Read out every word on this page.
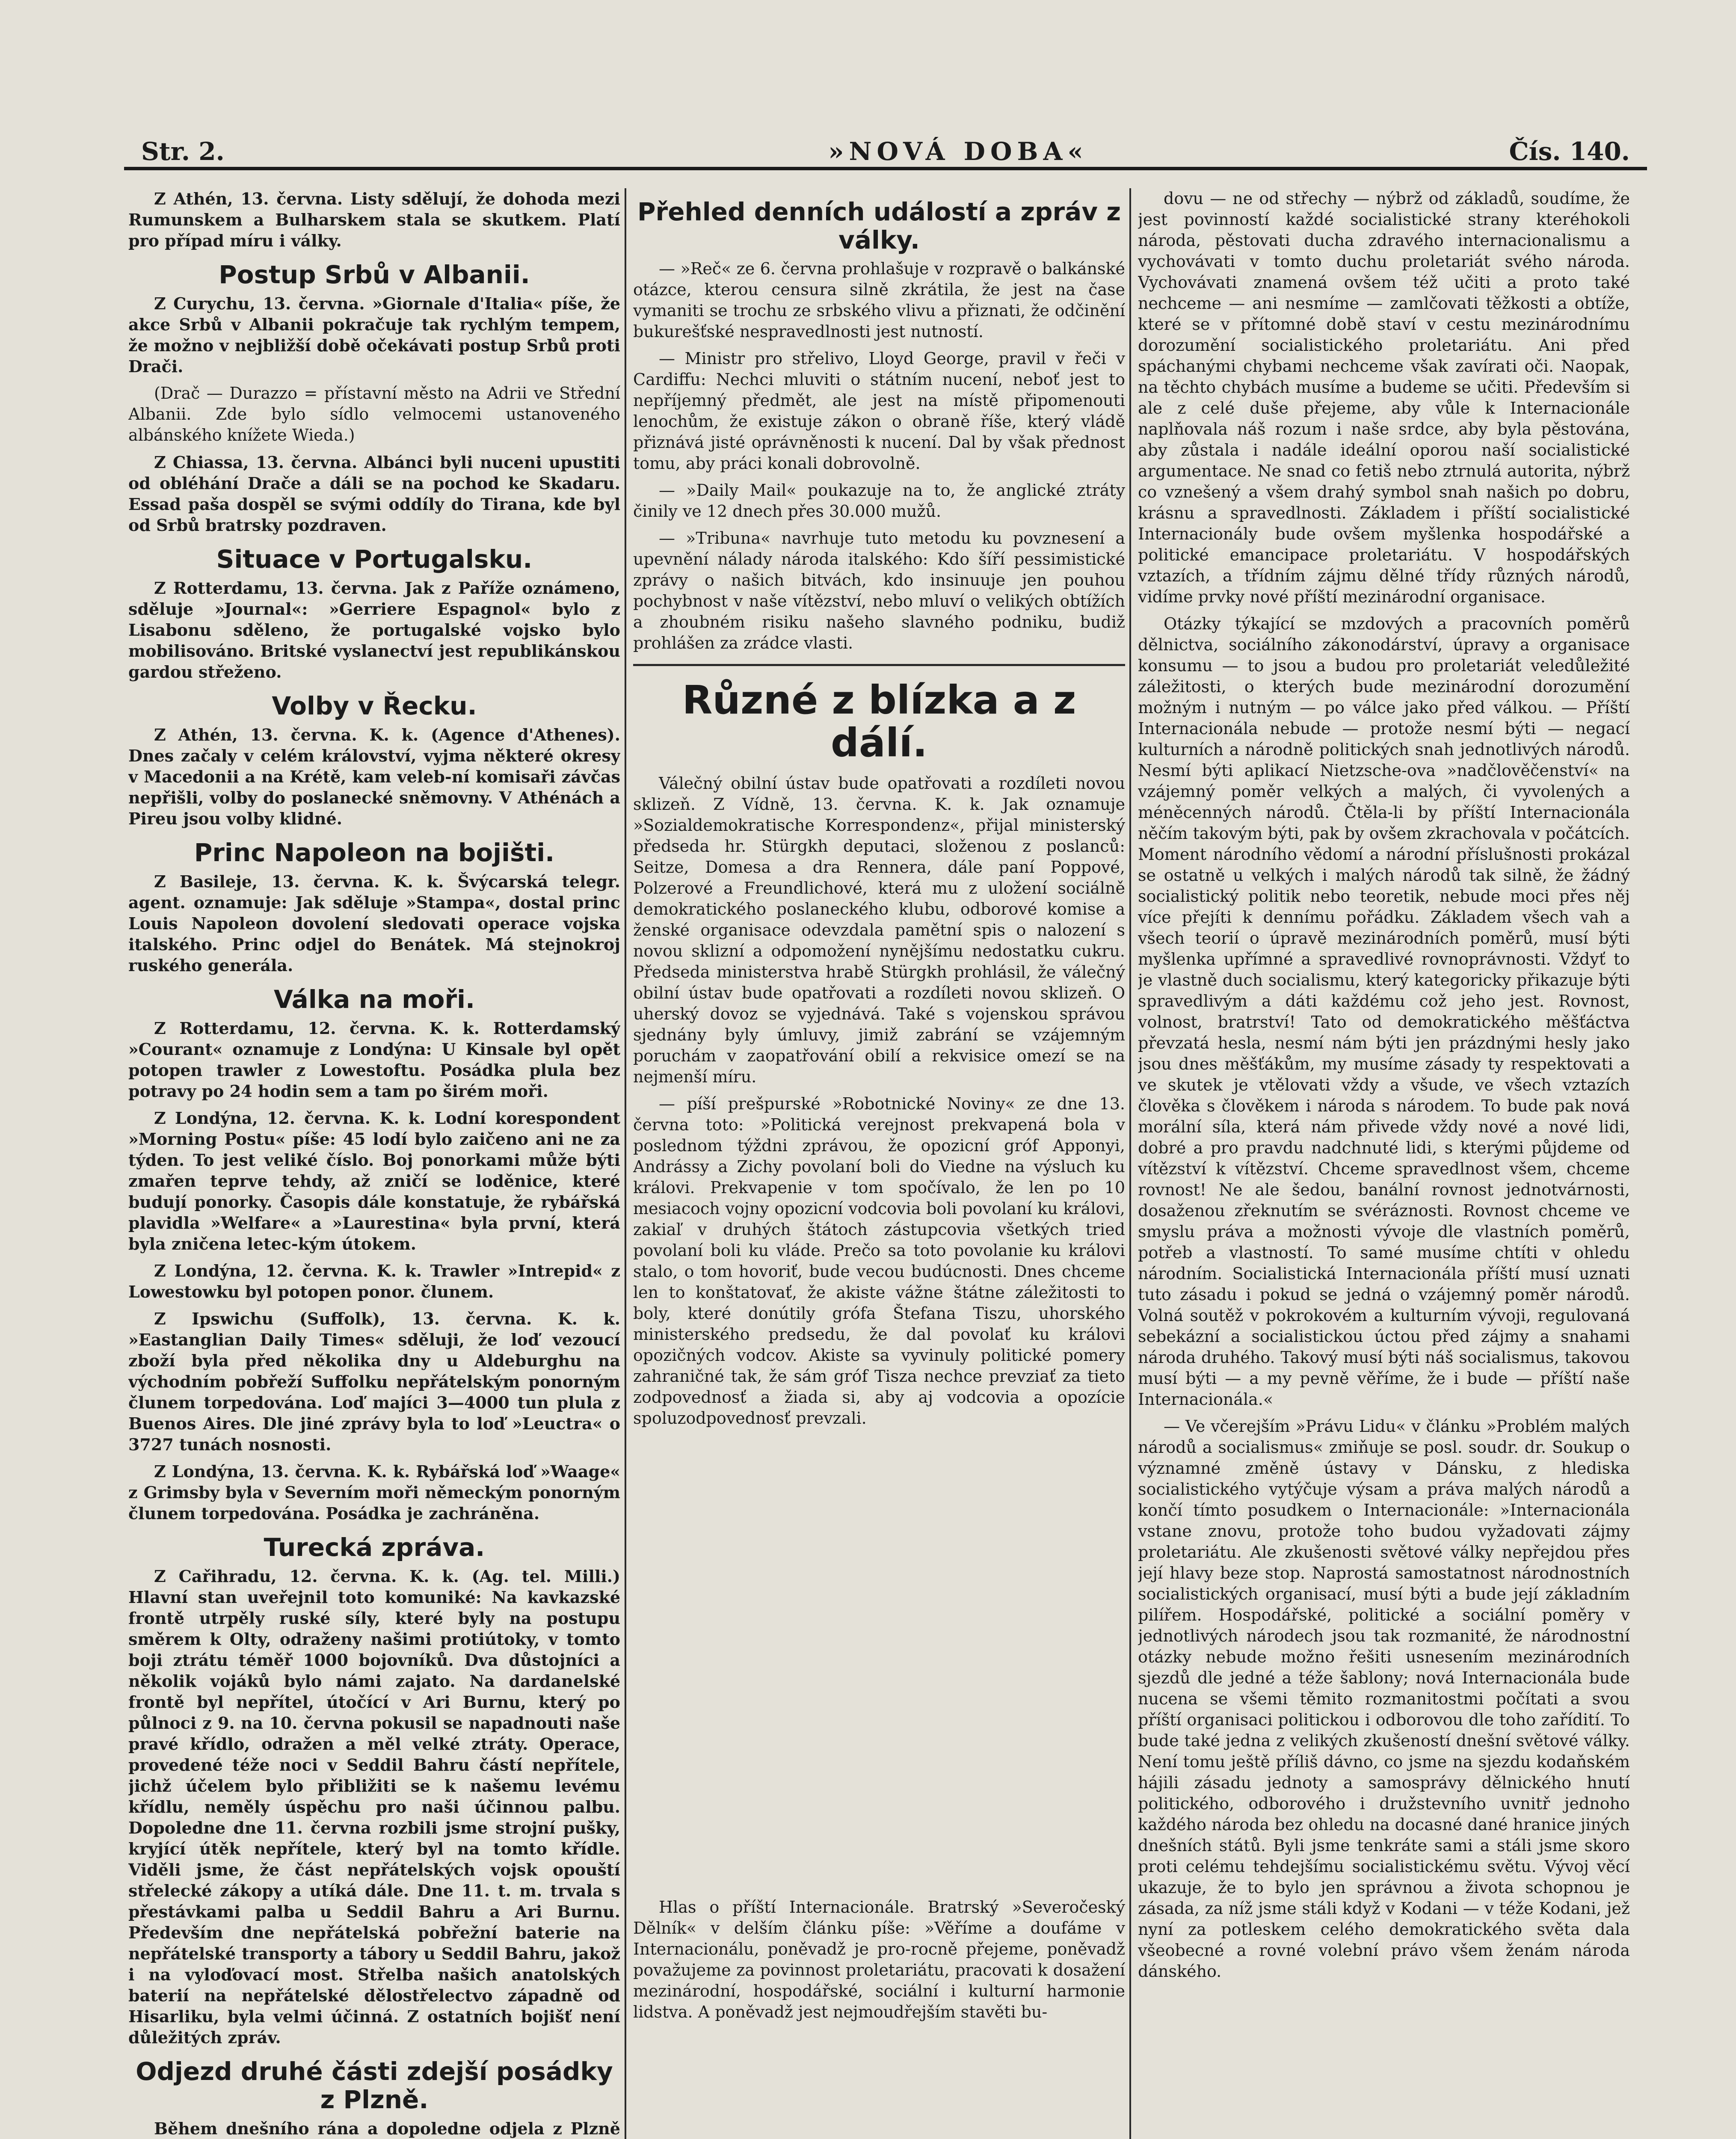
Str. 2.	»NOVÁ DOBA«	Čís. 140.

Z Athén, 13. června. Listy sdělují, že dohoda mezi Rumunskem a Bulharskem stala se skutkem. Platí pro případ míru i války.

Postup Srbů v Albanii.

Z Curychu, 13. června. »Giornale d'Italia« píše, že akce Srbů v Albanii pokračuje tak rychlým tempem, že možno v nejbližší době očekávati postup Srbů proti Drači.

(Drač — Durazzo = přístavní město na Adrii ve Střední Albanii. Zde bylo sídlo velmocemi ustanoveného albánského knížete Wieda.)

Z Chiassa, 13. června. Albánci byli nuceni upustiti od obléhání Drače a dáli se na pochod ke Skadaru. Essad paša dospěl se svými oddíly do Tirana, kde byl od Srbů bratrsky pozdraven.

Situace v Portugalsku.

Z Rotterdamu, 13. června. Jak z Paříže oznámeno, sděluje »Journal«: »Gerriere Espagnol« bylo z Lisabonu sděleno, že portugalské vojsko bylo mobilisováno. Britské vyslanectví jest republikánskou gardou střeženo.

Volby v Řecku.

Z Athén, 13. června. K. k. (Agence d'Athenes). Dnes začaly v celém království, vyjma některé okresy v Macedonii a na Krétě, kam veleb-ní komisaři závčas nepřišli, volby do poslanecké sněmovny. V Athénách a Pireu jsou volby klidné.

Princ Napoleon na bojišti.

Z Basileje, 13. června. K. k. Švýcarská telegr. agent. oznamuje: Jak sděluje »Stampa«, dostal princ Louis Napoleon dovolení sledovati operace vojska italského. Princ odjel do Benátek. Má stejnokroj ruského generála.

Válka na moři.

Z Rotterdamu, 12. června. K. k. Rotterdamský »Courant« oznamuje z Londýna: U Kinsale byl opět potopen trawler z Lowestoftu. Posádka plula bez potravy po 24 hodin sem a tam po širém moři.

Z Londýna, 12. června. K. k. Lodní korespondent »Morning Postu« píše: 45 lodí bylo zaičeno ani ne za týden. To jest veliké číslo. Boj ponorkami může býti zmařen teprve tehdy, až zničí se loděnice, které budují ponorky. Časopis dále konstatuje, že rybářská plavidla »Welfare« a »Laurestina« byla první, která byla zničena letec-kým útokem.

Z Londýna, 12. června. K. k. Trawler »Intrepid« z Lowestowku byl potopen ponor. člunem.

Z Ipswichu (Suffolk), 13. června. K. k. »Eastanglian Daily Times« sděluji, že loď vezoucí zboží byla před několika dny u Aldeburghu na východním pobřeží Suffolku nepřátelským ponorným člunem torpedována. Loď majíci 3—4000 tun plula z Buenos Aires. Dle jiné zprávy byla to loď »Leuctra« o 3727 tunách nosnosti.

Z Londýna, 13. června. K. k. Rybářská loď »Waage« z Grimsby byla v Severním moři německým ponorným člunem torpedována. Posádka je zachráněna.

Turecká zpráva.

Z Cařihradu, 12. června. K. k. (Ag. tel. Milli.) Hlavní stan uveřejnil toto komuniké: Na kavkazské frontě utrpěly ruské síly, které byly na postupu směrem k Olty, odraženy našimi protiútoky, v tomto boji ztrátu téměř 1000 bojovníků. Dva důstojníci a několik vojáků bylo námi zajato. Na dardanelské frontě byl nepřítel, útočící v Ari Burnu, který po půlnoci z 9. na 10. června pokusil se napadnouti naše pravé křídlo, odražen a měl velké ztráty. Operace, provedené téže noci v Seddil Bahru částí nepřítele, jichž účelem bylo přibližiti se k našemu levému křídlu, neměly úspěchu pro naši účinnou palbu. Dopoledne dne 11. června rozbili jsme strojní pušky, kryjící útěk nepřítele, který byl na tomto křídle. Viděli jsme, že část nepřátelských vojsk opouští střelecké zákopy a utíká dále. Dne 11. t. m. trvala s přestávkami palba u Seddil Bahru a Ari Burnu. Především dne nepřátelská pobřežní baterie na nepřátelské transporty a tábory u Seddil Bahru, jakož i na vyloďovací most. Střelba našich anatolských baterií na nepřátelské dělostřelectvo západně od Hisarliku, byla velmi účinná. Z ostatních bojišť není důležitých zpráv.

Odjezd druhé části zdejší posádky z Plzně.

Během dnešního rána a dopoledne odjela z Plzně

Přehled denních událostí a zpráv z války.

— »Reč« ze 6. června prohlašuje v rozpravě o balkánské otázce, kterou censura silně zkrátila, že jest na čase vymaniti se trochu ze srbského vlivu a přiznati, že odčinění bukurešťské nespravedlnosti jest nutností.

— Ministr pro střelivo, Lloyd George, pravil v řeči v Cardiffu: Nechci mluviti o státním nucení, neboť jest to nepříjemný předmět, ale jest na místě připomenouti lenochům, že existuje zákon o obraně říše, který vládě přiznává jisté oprávněnosti k nucení. Dal by však přednost tomu, aby práci konali dobrovolně.

— »Daily Mail« poukazuje na to, že anglické ztráty činily ve 12 dnech přes 30.000 mužů.

— »Tribuna« navrhuje tuto metodu ku povznesení a upevnění nálady národa italského: Kdo šíří pessimistické zprávy o našich bitvách, kdo insinuuje jen pouhou pochybnost v naše vítězství, nebo mluví o velikých obtížích a zhoubném risiku našeho slavného podniku, budiž prohlášen za zrádce vlasti.

Různé z blízka a z dálí.

Válečný obilní ústav bude opatřovati a rozdíleti novou sklizeň. Z Vídně, 13. června. K. k. Jak oznamuje »Sozialdemokratische Korrespondenz«, přijal ministerský předseda hr. Stürgkh deputaci, složenou z poslanců: Seitze, Domesa a dra Rennera, dále paní Poppové, Polzerové a Freundlichové, která mu z uložení sociálně demokratického poslaneckého klubu, odborové komise a ženské organisace odevzdala pamětní spis o nalození s novou sklizní a odpomožení nynějšímu nedostatku cukru. Předseda ministerstva hrabě Stürgkh prohlásil, že válečný obilní ústav bude opatřovati a rozdíleti novou sklizeň. O uherský dovoz se vyjednává. Také s vojenskou správou sjednány byly úmluvy, jimiž zabrání se vzájemným poruchám v zaopatřování obilí a rekvisice omezí se na nejmenší míru.

— píší prešpurské »Robotnické Noviny« ze dne 13. června toto: »Politická verejnost prekvapená bola v poslednom týždni zprávou, že opozicní gróf Apponyi, Andrássy a Zichy povolaní boli do Viedne na výsluch ku královi. Prekvapenie v tom spočívalo, že len po 10 mesiacoch vojny opozicní vodcovia boli povolaní ku královi, zakiaľ v druhých štátoch zástupcovia všetkých tried povolaní boli ku vláde. Prečo sa toto povolanie ku královi stalo, o tom hovoriť, bude vecou budúcnosti. Dnes chceme len to konštatovať, že akiste vážne štátne záležitosti to boly, které donútily grófa Štefana Tiszu, uhorského ministerského predsedu, že dal povolať ku královi opozičných vodcov. Akiste sa vyvinuly politické pomery zahraničné tak, že sám gróf Tisza nechce prevziať za tieto zodpovednosť a žiada si, aby aj vodcovia a opozície spoluzodpovednosť prevzali.

Hlas o příští Internacionále. Bratrský »Severočeský Dělník« v delším článku píše: »Věříme a doufáme v Internacionálu, poněvadž je pro-rocně přejeme, poněvadž považujeme za povinnost proletariátu, pracovati k dosažení mezinárodní, hospodářské, sociální i kulturní harmonie lidstva. A poněvadž jest nejmoudřejším stavěti bu-

dovu — ne od střechy — nýbrž od základů, soudíme, že jest povinností každé socialistické strany kteréhokoli národa, pěstovati ducha zdravého internacionalismu a vychovávati v tomto duchu proletariát svého národa. Vychovávati znamená ovšem též učiti a proto také nechceme — ani nesmíme — zamlčovati těžkosti a obtíže, které se v přítomné době staví v cestu mezinárodnímu dorozumění socialistického proletariátu. Ani před spáchanými chybami nechceme však zavírati oči. Naopak, na těchto chybách musíme a budeme se učiti. Především si ale z celé duše přejeme, aby vůle k Internacionále naplňovala náš rozum i naše srdce, aby byla pěstována, aby zůstala i nadále ideální oporou naší socialistické argumentace. Ne snad co fetiš nebo ztrnulá autorita, nýbrž co vznešený a všem drahý symbol snah našich po dobru, krásnu a spravedlnosti. Základem i příští socialistické Internacionály bude ovšem myšlenka hospodářské a politické emancipace proletariátu. V hospodářských vztazích, a třídním zájmu dělné třídy různých národů, vidíme prvky nové příští mezinárodní organisace.

Otázky týkající se mzdových a pracovních poměrů dělnictva, sociálního zákonodárství, úpravy a organisace konsumu — to jsou a budou pro proletariát veledůležité záležitosti, o kterých bude mezinárodní dorozumění možným i nutným — po válce jako před válkou. — Příští Internacionála nebude — protože nesmí býti — negací kulturních a národně politických snah jednotlivých národů. Nesmí býti aplikací Nietzsche-ova »nadčlověčenství« na vzájemný poměr velkých a malých, či vyvolených a méněcenných národů. Čtěla-li by příští Internacionála něčím takovým býti, pak by ovšem zkrachovala v počátcích. Moment národního vědomí a národní příslušnosti prokázal se ostatně u velkých i malých národů tak silně, že žádný socialistický politik nebo teoretik, nebude moci přes něj více přejíti k dennímu pořádku. Základem všech vah a všech teorií o úpravě mezinárodních poměrů, musí býti myšlenka upřímné a spravedlivé rovnoprávnosti. Vždyť to je vlastně duch socialismu, který kategoricky přikazuje býti spravedlivým a dáti každému což jeho jest. Rovnost, volnost, bratrství! Tato od demokratického měšťáctva převzatá hesla, nesmí nám býti jen prázdnými hesly jako jsou dnes měšťákům, my musíme zásady ty respektovati a ve skutek je vtělovati vždy a všude, ve všech vztazích člověka s člověkem i národa s národem. To bude pak nová morální síla, která nám přivede vždy nové a nové lidi, dobré a pro pravdu nadchnuté lidi, s kterými půjdeme od vítězství k vítězství. Chceme spravedlnost všem, chceme rovnost! Ne ale šedou, banální rovnost jednotvárnosti, dosaženou zřeknutím se svéráznosti. Rovnost chceme ve smyslu práva a možnosti vývoje dle vlastních poměrů, potřeb a vlastností. To samé musíme chtíti v ohledu národním. Socialistická Internacionála příští musí uznati tuto zásadu i pokud se jedná o vzájemný poměr národů. Volná soutěž v pokrokovém a kulturním vývoji, regulovaná sebekázní a socialistickou úctou před zájmy a snahami národa druhého. Takový musí býti náš socialismus, takovou musí býti — a my pevně věříme, že i bude — příští naše Internacionála.«

— Ve včerejším »Právu Lidu« v článku »Problém malých národů a socialismus« zmiňuje se posl. soudr. dr. Soukup o významné změně ústavy v Dánsku, z hlediska socialistického vytýčuje výsam a práva malých národů a končí tímto posudkem o Internacionále: »Internacionála vstane znovu, protože toho budou vyžadovati zájmy proletariátu. Ale zkušenosti světové války nepřejdou přes její hlavy beze stop. Naprostá samostatnost národnostních socialistických organisací, musí býti a bude její základním pilířem. Hospodářské, politické a sociální poměry v jednotlivých národech jsou tak rozmanité, že národnostní otázky nebude možno řešiti usnesením mezinárodních sjezdů dle jedné a téže šablony; nová Internacionála bude nucena se všemi těmito rozmanitostmi počítati a svou příští organisaci politickou i odborovou dle toho zařídití. To bude také jedna z velikých zkušeností dnešní světové války. Není tomu ještě příliš dávno, co jsme na sjezdu kodaňském hájili zásadu jednoty a samosprávy dělnického hnutí politického, odborového i družstevního uvnitř jednoho každého národa bez ohledu na docasné dané hranice jiných dnešních států. Byli jsme tenkráte sami a stáli jsme skoro proti celému tehdejšímu socialistickému světu. Vývoj věcí ukazuje, že to bylo jen správnou a života schopnou je zásada, za níž jsme stáli když v Kodani — v téže Kodani, jež nyní za potleskem celého demokratického světa dala všeobecné a rovné volební právo všem ženám národa dánského.
